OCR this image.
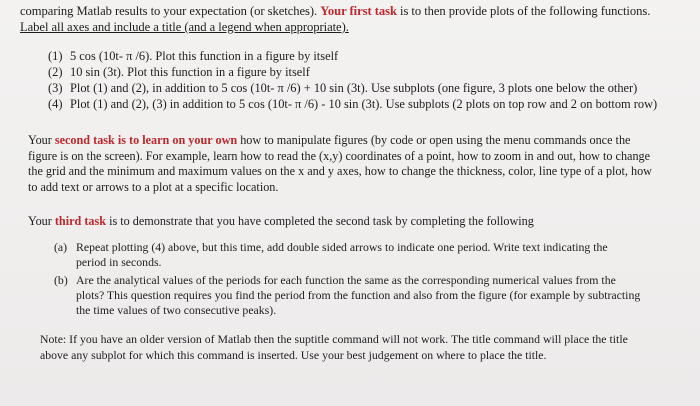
comparing Matlab results to your expectation (or sketches). Your first task is to then provide plots of the following functions.
Label all axes and include a title (and a legend when appropriate).
(1) 5 cos (10t- π /6). Plot this function in a figure by itself
(2) 10 sin (3t). Plot this function in a figure by itself
(3) Plot (1) and (2), in addition to 5 cos (10t- π /6) + 10 sin (3t). Use subplots (one figure, 3 plots one below the other)
(4) Plot (1) and (2), (3) in addition to 5 cos (10t- π /6) - 10 sin (3t). Use subplots (2 plots on top row and 2 on bottom row)
Your second task is to learn on your own how to manipulate figures (by code or open using the menu commands once the
figure is on the screen). For example, learn how to read the (x,y) coordinates of a point, how to zoom in and out, how to change
the grid and the minimum and maximum values on the x and y axes, how to change the thickness, color, line type of a plot, how
to add text or arrows to a plot at a specific location.
Your third task is to demonstrate that you have completed the second task by completing the following
(a) Repeat plotting (4) above, but this time, add double sided arrows to indicate one period. Write text indicating the
period in seconds.
(b) Are the analytical values of the periods for each function the same as the corresponding numerical values from the
plots? This question requires you find the period from the function and also from the figure (for example by subtracting
the time values of two consecutive peaks).
Note: If you have an older version of Matlab then the suptitle command will not work. The title command will place the title
above any subplot for which this command is inserted. Use your best judgement on where to place the title.
